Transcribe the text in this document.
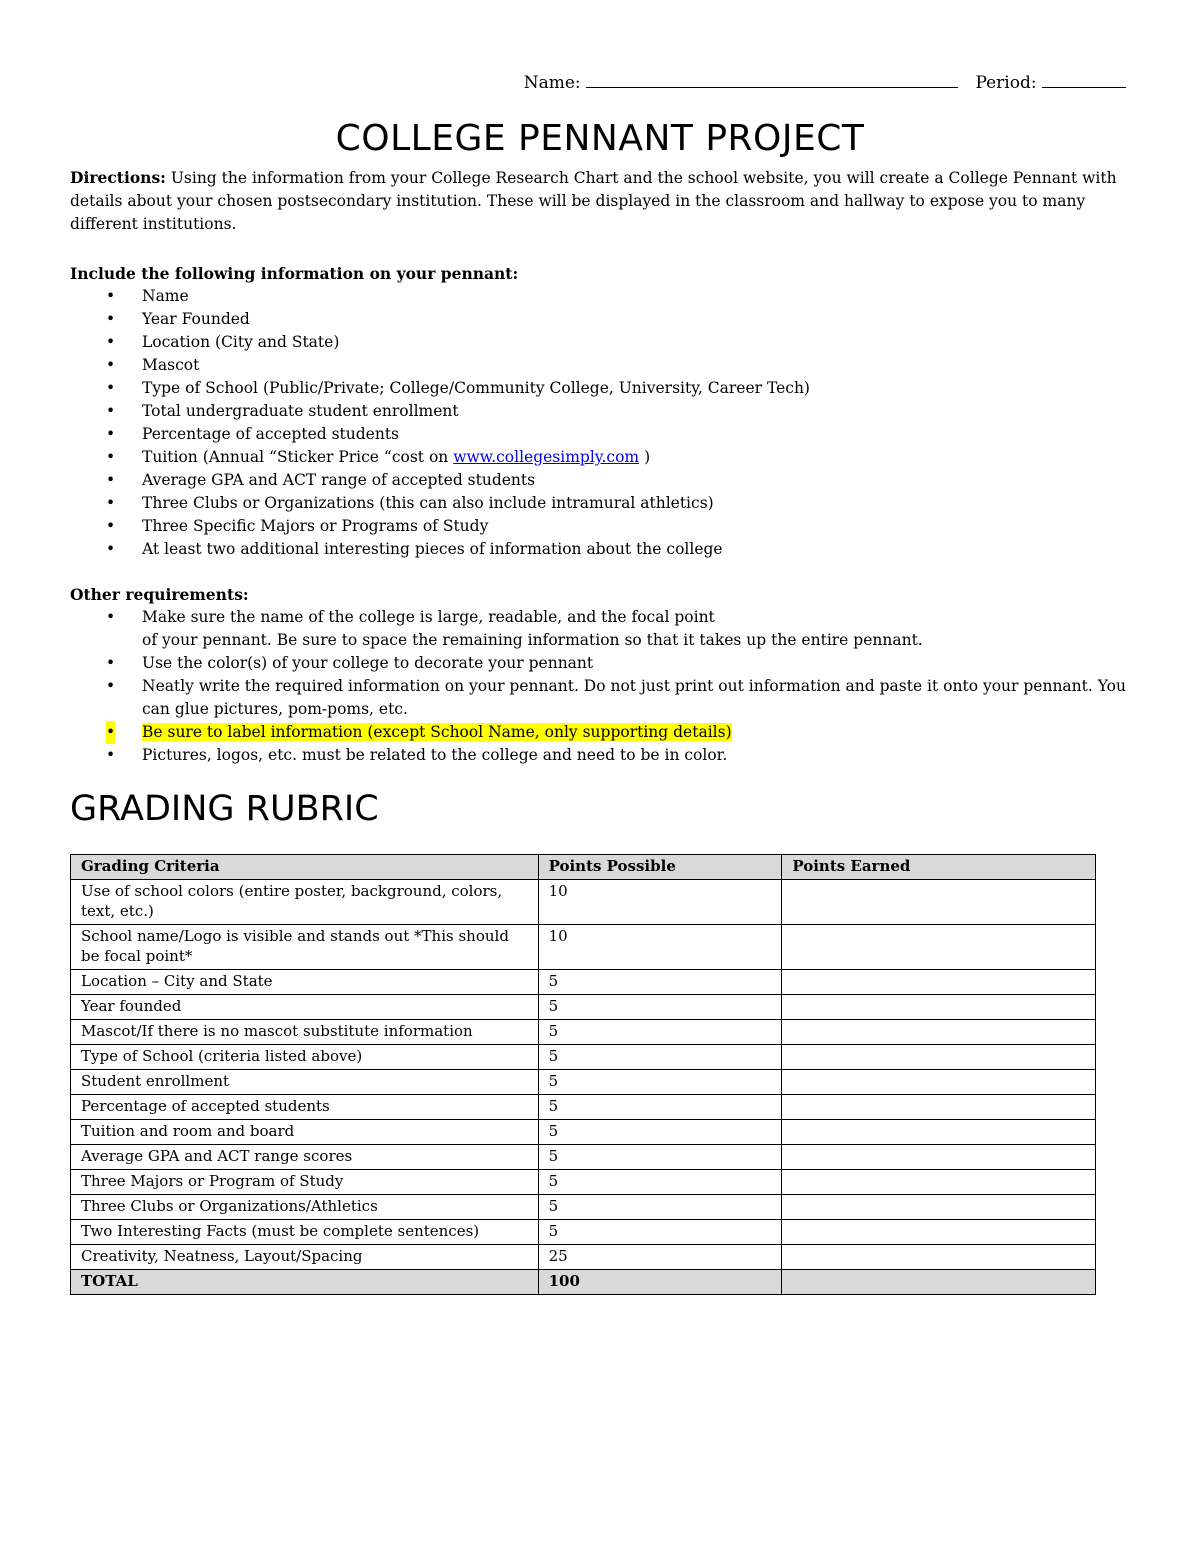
Name:	Period:
COLLEGE PENNANT PROJECT
Directions: Using the information from your College Research Chart and the school website, you will create a College Pennant with details about your chosen postsecondary institution. These will be displayed in the classroom and hallway to expose you to many different institutions.
Include the following information on your pennant:
• Name
• Year Founded
• Location (City and State)
• Mascot
• Type of School (Public/Private; College/Community College, University, Career Tech)
• Total undergraduate student enrollment
• Percentage of accepted students
• Tuition (Annual “Sticker Price “cost on www.collegesimply.com )
• Average GPA and ACT range of accepted students
• Three Clubs or Organizations (this can also include intramural athletics)
• Three Specific Majors or Programs of Study
• At least two additional interesting pieces of information about the college
Other requirements:
• Make sure the name of the college is large, readable, and the focal point
of your pennant. Be sure to space the remaining information so that it takes up the entire pennant.
• Use the color(s) of your college to decorate your pennant
• Neatly write the required information on your pennant. Do not just print out information and paste it onto your pennant. You can glue pictures, pom-poms, etc.
• Be sure to label information (except School Name, only supporting details)
• Pictures, logos, etc. must be related to the college and need to be in color.
GRADING RUBRIC
Grading Criteria	Points Possible	Points Earned
Use of school colors (entire poster, background, colors, text, etc.)	10	
School name/Logo is visible and stands out *This should be focal point*	10	
Location – City and State	5	
Year founded	5	
Mascot/If there is no mascot substitute information	5	
Type of School (criteria listed above)	5	
Student enrollment	5	
Percentage of accepted students	5	
Tuition and room and board	5	
Average GPA and ACT range scores	5	
Three Majors or Program of Study	5	
Three Clubs or Organizations/Athletics	5	
Two Interesting Facts (must be complete sentences)	5	
Creativity, Neatness, Layout/Spacing	25	
TOTAL	100	
